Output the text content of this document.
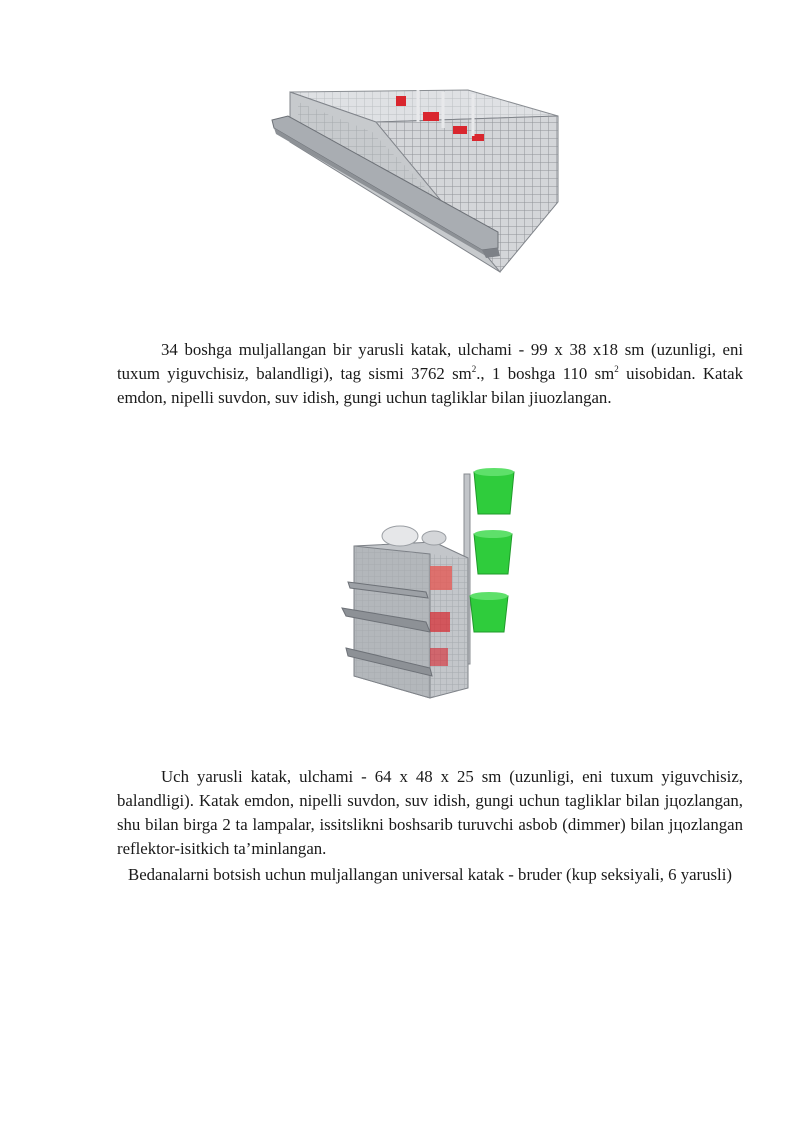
34 boshga muljallangan bir yarusli katak, ulchami - 99 x 38 x18 sm (uzunligi, eni tuxum yiguvchisiz, balandligi), tag sismi 3762 $sm^2$., 1 boshga 110 $sm^2$ uisobidan. Katak emdon, nipelli suvdon, suv idish, gungi uchun tagliklar bilan jiuozlangan.

Uch yarusli katak, ulchami - 64 x 48 x 25 sm (uzunligi, eni tuxum yiguvchisiz, balandligi). Katak emdon, nipelli suvdon, suv idish, gungi uchun tagliklar bilan jцozlangan, shu bilan birga 2 ta lampalar, issitslikni boshsarib turuvchi asbob (dimmer) bilan jцozlangan reflektor-isitkich ta’minlangan.

Bedanalarni botsish uchun muljallangan universal katak - bruder (kup seksiyali, 6 yarusli)
